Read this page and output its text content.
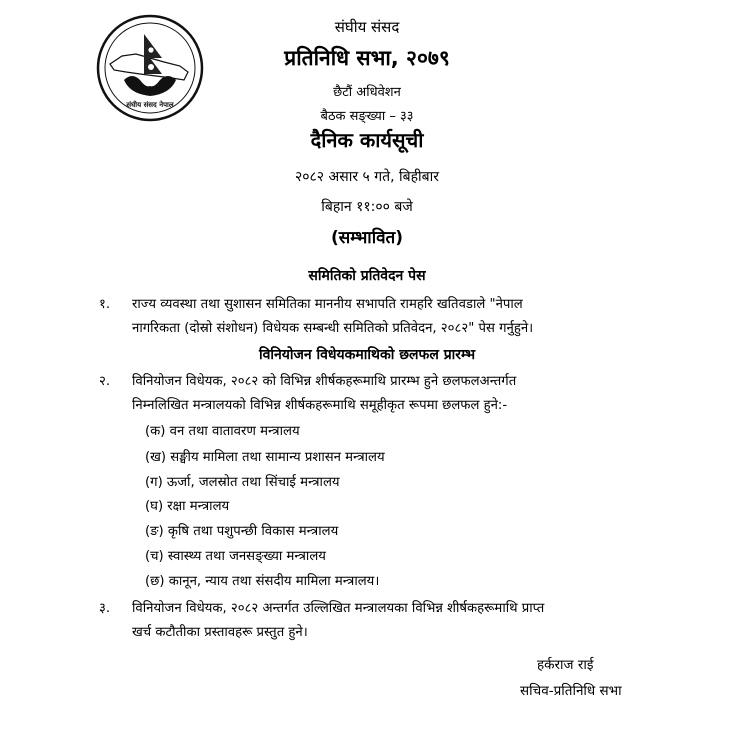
संघीय संसद नेपाल
संघीय संसद
प्रतिनिधि सभा, २०७९
छैटौं अधिवेशन
बैठक सङ्ख्या – ३३
दैनिक कार्यसूची
२०८२ असार ५ गते, बिहीबार
बिहान ११:०० बजे
(सम्भावित)
समितिको प्रतिवेदन पेस
१. राज्य व्यवस्था तथा सुशासन समितिका माननीय सभापति रामहरि खतिवडाले "नेपाल
नागरिकता (दोस्रो संशोधन) विधेयक सम्बन्धी समितिको प्रतिवेदन, २०८२" पेस गर्नुहुने।
विनियोजन विधेयकमाथिको छलफल प्रारम्भ
२. विनियोजन विधेयक, २०८२ को विभिन्न शीर्षकहरूमाथि प्रारम्भ हुने छलफलअन्तर्गत
निम्नलिखित मन्त्रालयको विभिन्न शीर्षकहरूमाथि समूहीकृत रूपमा छलफल हुने:-
(क) वन तथा वातावरण मन्त्रालय
(ख) सङ्घीय मामिला तथा सामान्य प्रशासन मन्त्रालय
(ग) ऊर्जा, जलस्रोत तथा सिंचाई मन्त्रालय
(घ) रक्षा मन्त्रालय
(ङ) कृषि तथा पशुपन्छी विकास मन्त्रालय
(च) स्वास्थ्य तथा जनसङ्ख्या मन्त्रालय
(छ) कानून, न्याय तथा संसदीय मामिला मन्त्रालय।
३. विनियोजन विधेयक, २०८२ अन्तर्गत उल्लिखित मन्त्रालयका विभिन्न शीर्षकहरूमाथि प्राप्त
खर्च कटौतीका प्रस्तावहरू प्रस्तुत हुने।
हर्कराज राई
सचिव-प्रतिनिधि सभा
